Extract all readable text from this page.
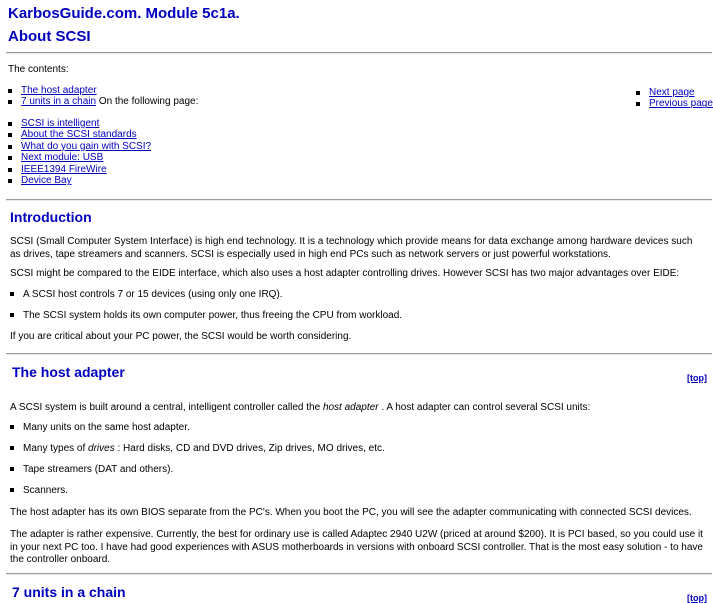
KarbosGuide.com. Module 5c1a.
About SCSI

The contents:

The host adapter
7 units in a chain On the following page:
SCSI is intelligent
About the SCSI standards
What do you gain with SCSI?
Next module: USB
IEEE1394 FireWire
Device Bay
Next page
Previous page
Introduction

SCSI (Small Computer System Interface) is high end technology. It is a technology which provide means for data exchange among hardware devices such as drives, tape streamers and scanners. SCSI is especially used in high end PCs such as network servers or just powerful workstations.

SCSI might be compared to the EIDE interface, which also uses a host adapter controlling drives. However SCSI has two major advantages over EIDE:

A SCSI host controls 7 or 15 devices (using only one IRQ).
The SCSI system holds its own computer power, thus freeing the CPU from workload.

If you are critical about your PC power, the SCSI would be worth considering.

The host adapter	[top]

A SCSI system is built around a central, intelligent controller called the host adapter . A host adapter can control several SCSI units:

Many units on the same host adapter.
Many types of drives : Hard disks, CD and DVD drives, Zip drives, MO drives, etc.
Tape streamers (DAT and others).
Scanners.

The host adapter has its own BIOS separate from the PC's. When you boot the PC, you will see the adapter communicating with connected SCSI devices.

The adapter is rather expensive. Currently, the best for ordinary use is called Adaptec 2940 U2W (priced at around $200). It is PCI based, so you could use it in your next PC too. I have had good experiences with ASUS motherboards in versions with onboard SCSI controller. That is the most easy solution - to have the controller onboard.

7 units in a chain	[top]
